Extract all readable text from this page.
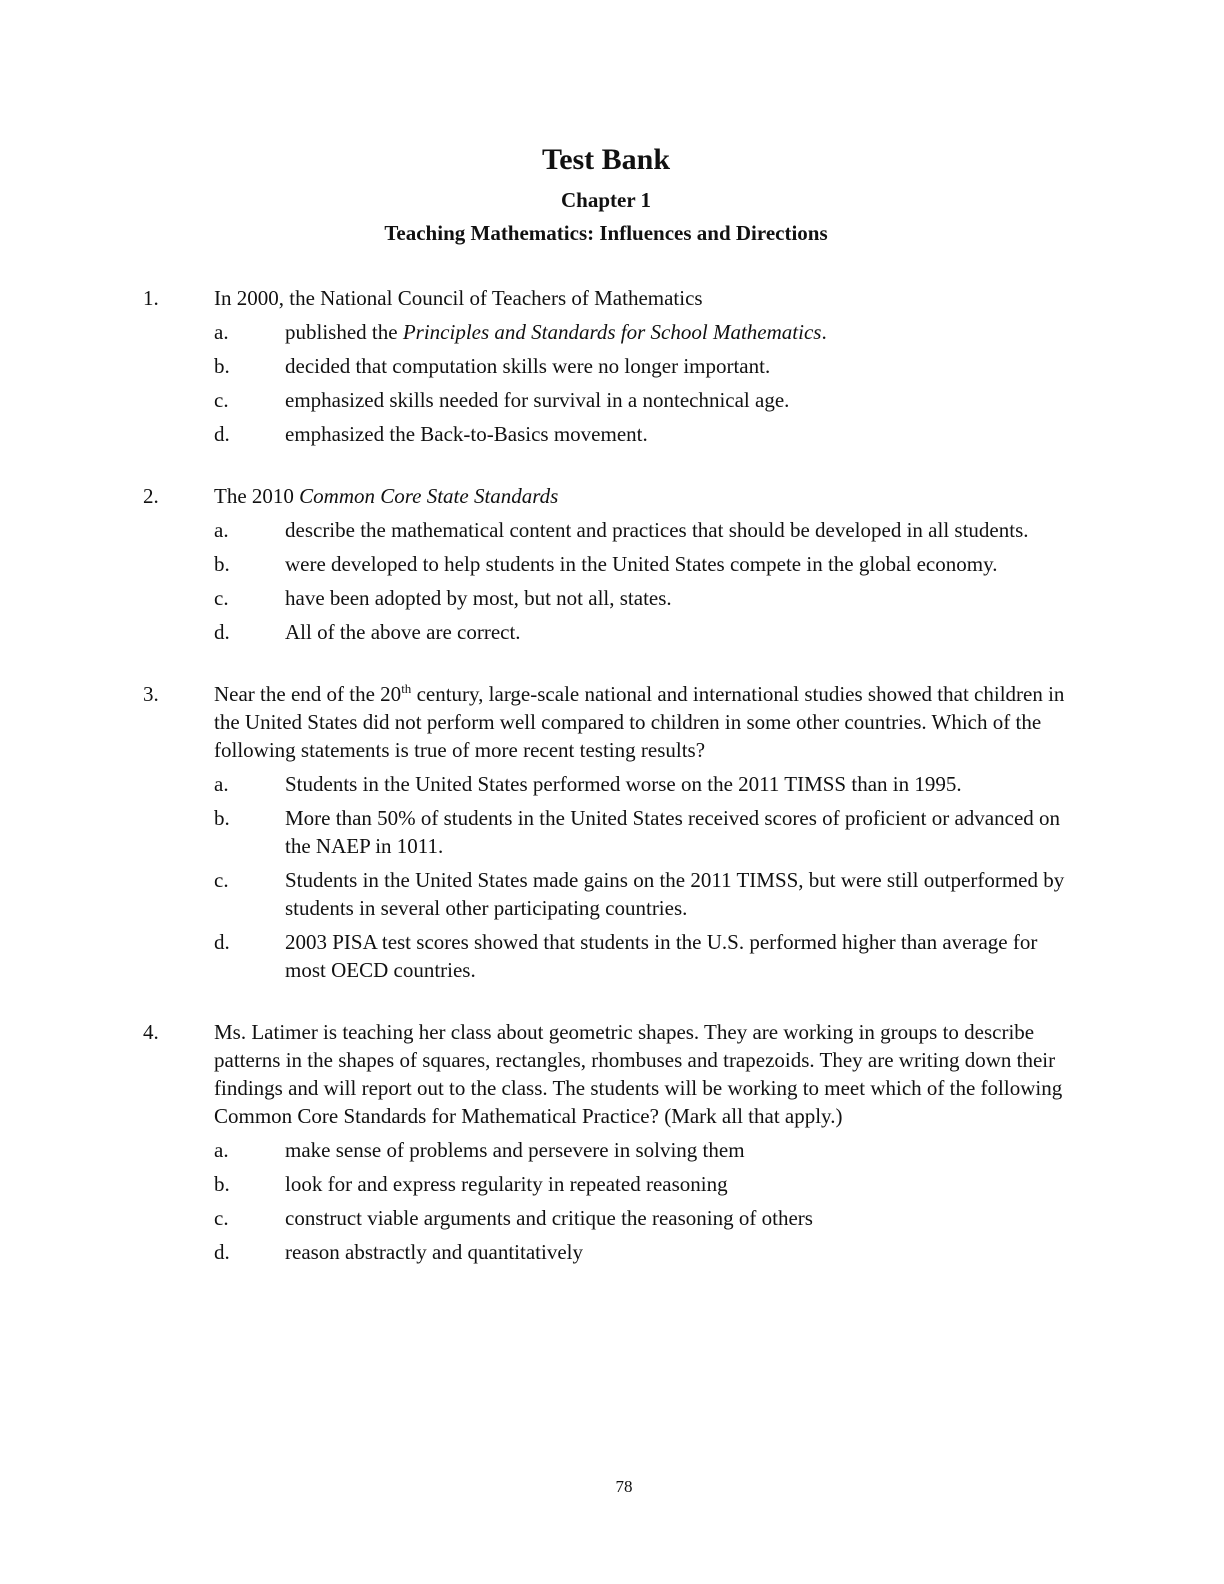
Test Bank
Chapter 1
Teaching Mathematics: Influences and Directions
1.	In 2000, the National Council of Teachers of Mathematics
a.	published the Principles and Standards for School Mathematics.
b.	decided that computation skills were no longer important.
c.	emphasized skills needed for survival in a nontechnical age.
d.	emphasized the Back-to-Basics movement.
2.	The 2010 Common Core State Standards
a.	describe the mathematical content and practices that should be developed in all students.
b.	were developed to help students in the United States compete in the global economy.
c.	have been adopted by most, but not all, states.
d.	All of the above are correct.
3.	Near the end of the 20th century, large-scale national and international studies showed that children in the United States did not perform well compared to children in some other countries. Which of the following statements is true of more recent testing results?
a.	Students in the United States performed worse on the 2011 TIMSS than in 1995.
b.	More than 50% of students in the United States received scores of proficient or advanced on the NAEP in 1011.
c.	Students in the United States made gains on the 2011 TIMSS, but were still outperformed by students in several other participating countries.
d.	2003 PISA test scores showed that students in the U.S. performed higher than average for most OECD countries.
4.	Ms. Latimer is teaching her class about geometric shapes. They are working in groups to describe patterns in the shapes of squares, rectangles, rhombuses and trapezoids. They are writing down their findings and will report out to the class. The students will be working to meet which of the following Common Core Standards for Mathematical Practice? (Mark all that apply.)
a.	make sense of problems and persevere in solving them
b.	look for and express regularity in repeated reasoning
c.	construct viable arguments and critique the reasoning of others
d.	reason abstractly and quantitatively
78
